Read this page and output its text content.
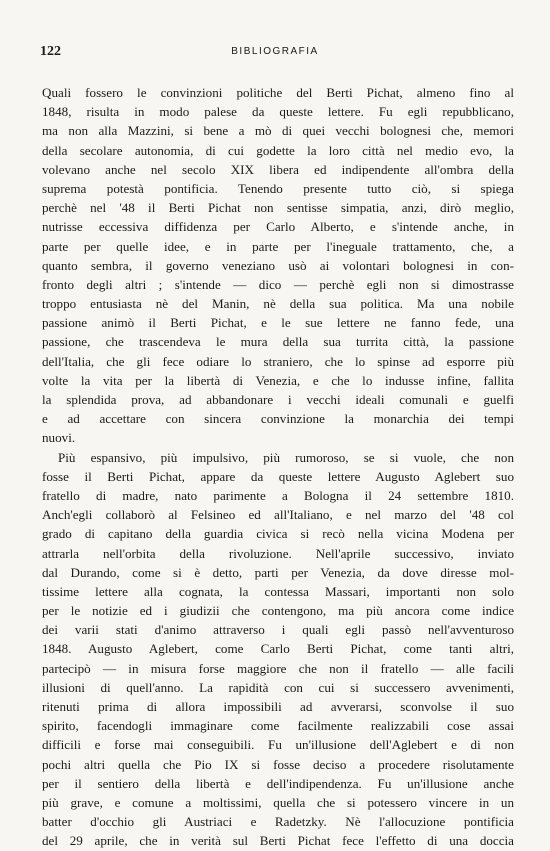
122	BIBLIOGRAFIA
Quali fossero le convinzioni politiche del Berti Pichat, almeno fino al
1848, risulta in modo palese da queste lettere. Fu egli repubblicano,
ma non alla Mazzini, si bene a mò di quei vecchi bolognesi che, memori
della secolare autonomia, di cui godette la loro città nel medio evo, la
volevano anche nel secolo XIX libera ed indipendente all'ombra della
suprema potestà pontificia. Tenendo presente tutto ciò, si spiega
perchè nel '48 il Berti Pichat non sentisse simpatia, anzi, dirò meglio,
nutrisse eccessiva diffidenza per Carlo Alberto, e s'intende anche, in
parte per quelle idee, e in parte per l'ineguale trattamento, che, a
quanto sembra, il governo veneziano usò ai volontari bolognesi in con-
fronto degli altri ; s'intende — dico — perchè egli non si dimostrasse
troppo entusiasta nè del Manin, nè della sua politica. Ma una nobile
passione animò il Berti Pichat, e le sue lettere ne fanno fede, una
passione, che trascendeva le mura della sua turrita città, la passione
dell'Italia, che gli fece odiare lo straniero, che lo spinse ad esporre più
volte la vita per la libertà di Venezia, e che lo indusse infine, fallita
la splendida prova, ad abbandonare i vecchi ideali comunali e guelfi
e ad accettare con sincera convinzione la monarchia dei tempi
nuovi.
Più espansivo, più impulsivo, più rumoroso, se si vuole, che non
fosse il Berti Pichat, appare da queste lettere Augusto Aglebert suo
fratello di madre, nato parimente a Bologna il 24 settembre 1810.
Anch'egli collaborò al Felsineo ed all'Italiano, e nel marzo del '48 col
grado di capitano della guardia civica si recò nella vicina Modena per
attrarla nell'orbita della rivoluzione. Nell'aprile successivo, inviato
dal Durando, come si è detto, parti per Venezia, da dove diresse mol-
tissime lettere alla cognata, la contessa Massari, importanti non solo
per le notizie ed i giudizii che contengono, ma più ancora come indice
dei varii stati d'animo attraverso i quali egli passò nell'avventuroso
1848. Augusto Aglebert, come Carlo Berti Pichat, come tanti altri,
partecipò — in misura forse maggiore che non il fratello — alle facili
illusioni di quell'anno. La rapidità con cui si successero avvenimenti,
ritenuti prima di allora impossibili ad avverarsi, sconvolse il suo
spirito, facendogli immaginare come facilmente realizzabili cose assai
difficili e forse mai conseguibili. Fu un'illusione dell'Aglebert e di non
pochi altri quella che Pio IX si fosse deciso a procedere risolutamente
per il sentiero della libertà e dell'indipendenza. Fu un'illusione anche
più grave, e comune a moltissimi, quella che si potessero vincere in un
batter d'occhio gli Austriaci e Radetzky. Nè l'allocuzione pontificia
del 29 aprile, che in verità sul Berti Pichat fece l'effetto di una doccia
